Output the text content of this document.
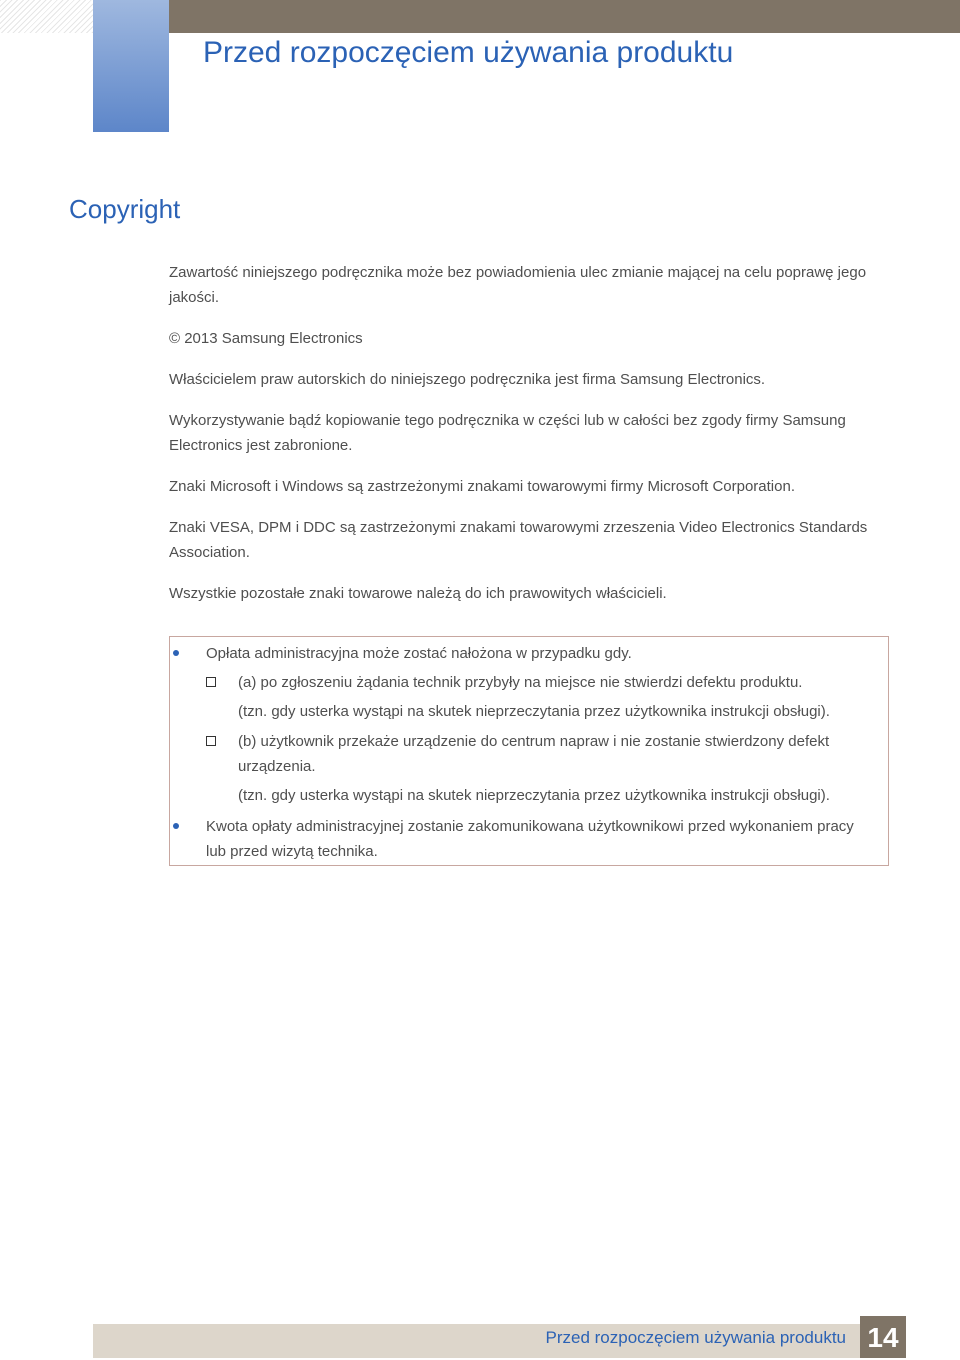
Przed rozpoczęciem używania produktu
Copyright

Zawartość niniejszego podręcznika może bez powiadomienia ulec zmianie mającej na celu poprawę jego jakości.

© 2013 Samsung Electronics

Właścicielem praw autorskich do niniejszego podręcznika jest firma Samsung Electronics.

Wykorzystywanie bądź kopiowanie tego podręcznika w części lub w całości bez zgody firmy Samsung Electronics jest zabronione.

Znaki Microsoft i Windows są zastrzeżonymi znakami towarowymi firmy Microsoft Corporation.

Znaki VESA, DPM i DDC są zastrzeżonymi znakami towarowymi zrzeszenia Video Electronics Standards Association.

Wszystkie pozostałe znaki towarowe należą do ich prawowitych właścicieli.

Opłata administracyjna może zostać nałożona w przypadku gdy.
(a) po zgłoszeniu żądania technik przybyły na miejsce nie stwierdzi defektu produktu.
(tzn. gdy usterka wystąpi na skutek nieprzeczytania przez użytkownika instrukcji obsługi).
(b) użytkownik przekaże urządzenie do centrum napraw i nie zostanie stwierdzony defekt urządzenia.
(tzn. gdy usterka wystąpi na skutek nieprzeczytania przez użytkownika instrukcji obsługi).
Kwota opłaty administracyjnej zostanie zakomunikowana użytkownikowi przed wykonaniem pracy lub przed wizytą technika.
Przed rozpoczęciem używania produktu 14
